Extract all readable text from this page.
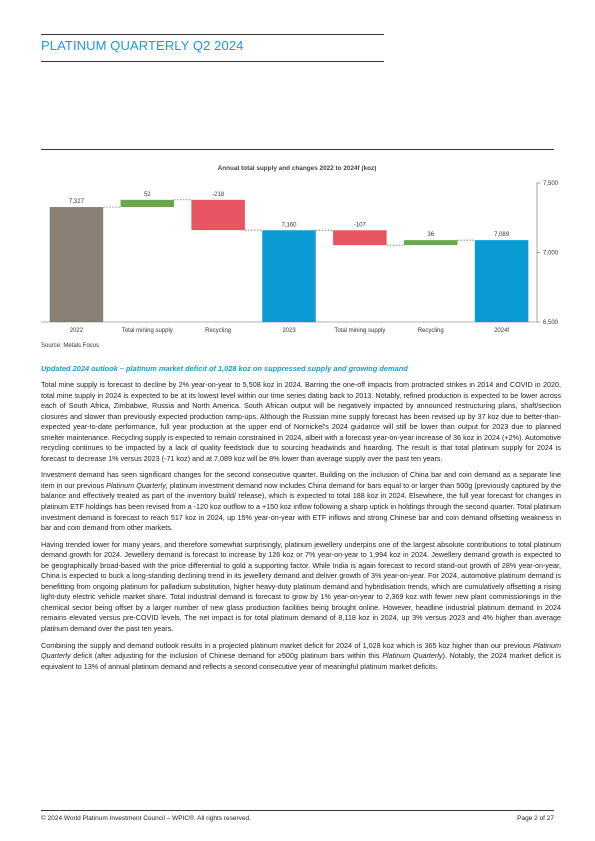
PLATINUM QUARTERLY Q2 2024
Annual total supply and changes 2022 to 2024f (koz)
7,327
52	-218
7,160	-107
36	7,089
2022	Total mining supply	Recycling	2023	Total mining supply	Recycling	2024f
6,500
7,000
7,500
Source: Metals Focus
Updated 2024 outlook – platinum market deficit of 1,028 koz on suppressed supply and growing demand

Total mine supply is forecast to decline by 2% year-on-year to 5,508 koz in 2024. Barring the one-off impacts from protracted strikes in 2014 and COVID in 2020, total mine supply in 2024 is expected to be at its lowest level within our time series dating back to 2013. Notably, refined production is expected to be lower across each of South Africa, Zimbabwe, Russia and North America. South African output will be negatively impacted by announced restructuring plans, shaft/section closures and slower than previously expected production ramp-ups. Although the Russian mine supply forecast has been revised up by 37 koz due to better-than-expected year-to-date performance, full year production at the upper end of Nornickel's 2024 guidance will still be lower than output for 2023 due to planned smelter maintenance. Recycling supply is expected to remain constrained in 2024, albeit with a forecast year-on-year increase of 36 koz in 2024 (+2%). Automotive recycling continues to be impacted by a lack of quality feedstock due to sourcing headwinds and hoarding. The result is that total platinum supply for 2024 is forecast to decrease 1% versus 2023 (-71 koz) and at 7,089 koz will be 8% lower than average supply over the past ten years.

Investment demand has seen significant changes for the second consecutive quarter. Building on the inclusion of China bar and coin demand as a separate line item in our previous Platinum Quarterly, platinum investment demand now includes China demand for bars equal to or larger than 500g (previously captured by the balance and effectively treated as part of the inventory build/ release), which is expected to total 188 koz in 2024. Elsewhere, the full year forecast for changes in platinum ETF holdings has been revised from a -120 koz outflow to a +150 koz inflow following a sharp uptick in holdings through the second quarter. Total platinum investment demand is forecast to reach 517 koz in 2024, up 15% year-on-year with ETF inflows and strong Chinese bar and coin demand offsetting weakness in bar and coin demand from other markets.

Having trended lower for many years, and therefore somewhat surprisingly, platinum jewellery underpins one of the largest absolute contributions to total platinum demand growth for 2024. Jewellery demand is forecast to increase by 126 koz or 7% year-on-year to 1,994 koz in 2024. Jewellery demand growth is expected to be geographically broad-based with the price differential to gold a supporting factor. While India is again forecast to record stand-out growth of 28% year-on-year, China is expected to buck a long-standing declining trend in its jewellery demand and deliver growth of 3% year-on-year. For 2024, automotive platinum demand is benefitting from ongoing platinum for palladium substitution, higher heavy-duty platinum demand and hybridisation trends, which are cumulatively offsetting a rising light-duty electric vehicle market share. Total industrial demand is forecast to grow by 1% year-on-year to 2,369 koz with fewer new plant commissionings in the chemical sector being offset by a larger number of new glass production facilities being brought online. However, headline industrial platinum demand in 2024 remains elevated versus pre-COVID levels. The net impact is for total platinum demand of 8,118 koz in 2024, up 3% versus 2023 and 4% higher than average platinum demand over the past ten years.

Combining the supply and demand outlook results in a projected platinum market deficit for 2024 of 1,028 koz which is 365 koz higher than our previous Platinum Quarterly deficit (after adjusting for the inclusion of Chinese demand for ≥500g platinum bars within this Platinum Quarterly). Notably, the 2024 market deficit is equivalent to 13% of annual platinum demand and reflects a second consecutive year of meaningful platinum market deficits.

© 2024 World Platinum Investment Council – WPIC®. All rights reserved.	Page 2 of 27
